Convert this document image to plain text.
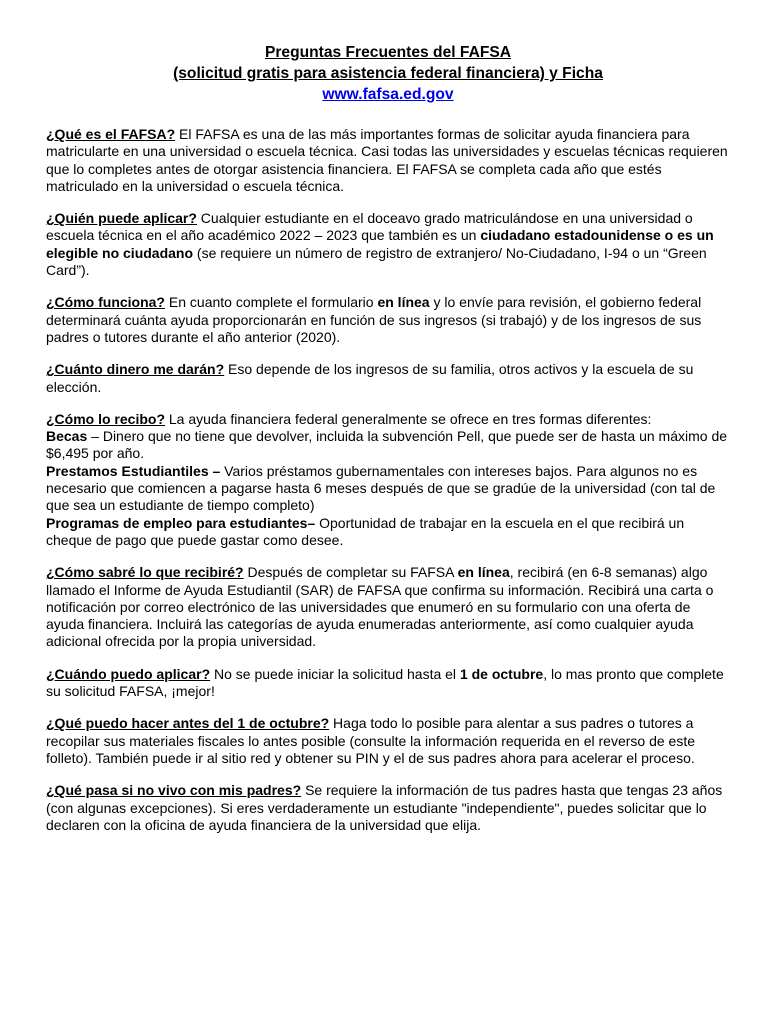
Preguntas Frecuentes del FAFSA
(solicitud gratis para asistencia federal financiera) y Ficha
www.fafsa.ed.gov

¿Qué es el FAFSA? El FAFSA es una de las más importantes formas de solicitar ayuda financiera para matricularte en una universidad o escuela técnica. Casi todas las universidades y escuelas técnicas requieren que lo completes antes de otorgar asistencia financiera. El FAFSA se completa cada año que estés matriculado en la universidad o escuela técnica.

¿Quién puede aplicar? Cualquier estudiante en el doceavo grado matriculándose en una universidad o escuela técnica en el año académico 2022 – 2023 que también es un ciudadano estadounidense o es un elegible no ciudadano (se requiere un número de registro de extranjero/ No-Ciudadano, I-94 o un “Green Card”).

¿Cómo funciona? En cuanto complete el formulario en línea y lo envíe para revisión, el gobierno federal determinará cuánta ayuda proporcionarán en función de sus ingresos (si trabajó) y de los ingresos de sus padres o tutores durante el año anterior (2020).

¿Cuánto dinero me darán? Eso depende de los ingresos de su familia, otros activos y la escuela de su elección.

¿Cómo lo recibo? La ayuda financiera federal generalmente se ofrece en tres formas diferentes:

Becas – Dinero que no tiene que devolver, incluida la subvención Pell, que puede ser de hasta un máximo de $6,495 por año.

Prestamos Estudiantiles – Varios préstamos gubernamentales con intereses bajos. Para algunos no es necesario que comiencen a pagarse hasta 6 meses después de que se gradúe de la universidad (con tal de que sea un estudiante de tiempo completo)

Programas de empleo para estudiantes– Oportunidad de trabajar en la escuela en el que recibirá un cheque de pago que puede gastar como desee.

¿Cómo sabré lo que recibiré? Después de completar su FAFSA en línea, recibirá (en 6-8 semanas) algo llamado el Informe de Ayuda Estudiantil (SAR) de FAFSA que confirma su información. Recibirá una carta o notificación por correo electrónico de las universidades que enumeró en su formulario con una oferta de ayuda financiera. Incluirá las categorías de ayuda enumeradas anteriormente, así como cualquier ayuda adicional ofrecida por la propia universidad.

¿Cuándo puedo aplicar? No se puede iniciar la solicitud hasta el 1 de octubre, lo mas pronto que complete su solicitud FAFSA, ¡mejor!

¿Qué puedo hacer antes del 1 de octubre? Haga todo lo posible para alentar a sus padres o tutores a recopilar sus materiales fiscales lo antes posible (consulte la información requerida en el reverso de este folleto). También puede ir al sitio red y obtener su PIN y el de sus padres ahora para acelerar el proceso.

¿Qué pasa si no vivo con mis padres? Se requiere la información de tus padres hasta que tengas 23 años (con algunas excepciones). Si eres verdaderamente un estudiante "independiente", puedes solicitar que lo declaren con la oficina de ayuda financiera de la universidad que elija.
